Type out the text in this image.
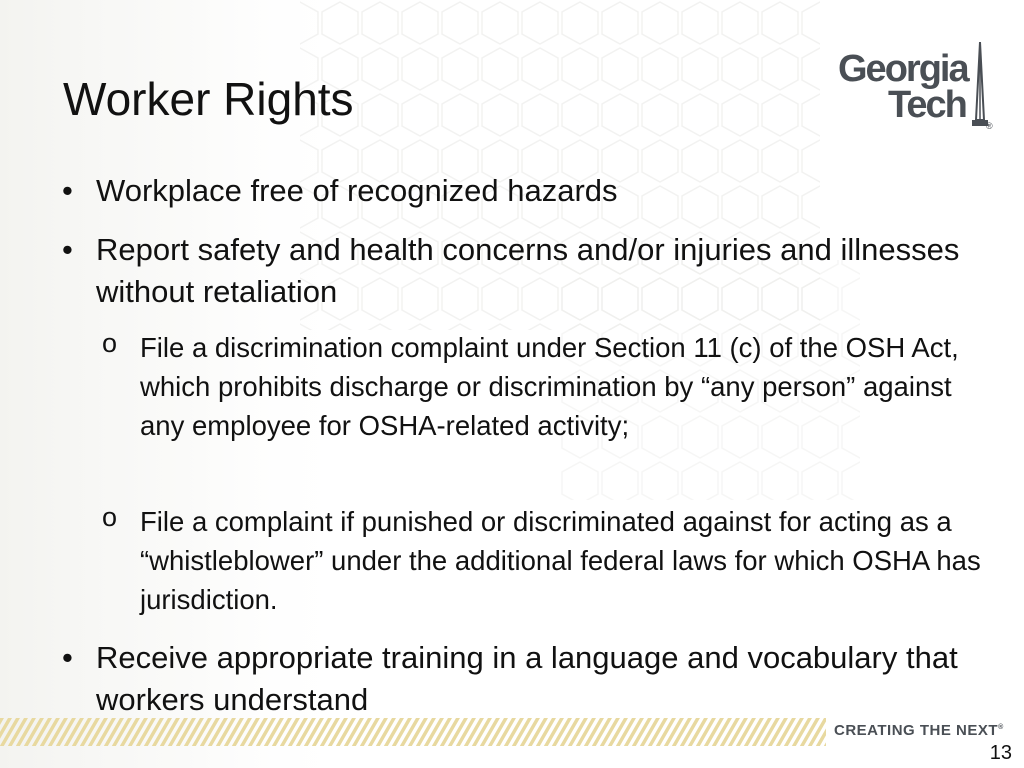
Worker Rights
Georgia
Tech ®
• Workplace free of recognized hazards
• Report safety and health concerns and/or injuries and illnesses without retaliation
o File a discrimination complaint under Section 11 (c) of the OSH Act, which prohibits discharge or discrimination by “any person” against any employee for OSHA-related activity;
o File a complaint if punished or discriminated against for acting as a “whistleblower” under the additional federal laws for which OSHA has jurisdiction.
• Receive appropriate training in a language and vocabulary that workers understand
CREATING THE NEXT®
13
